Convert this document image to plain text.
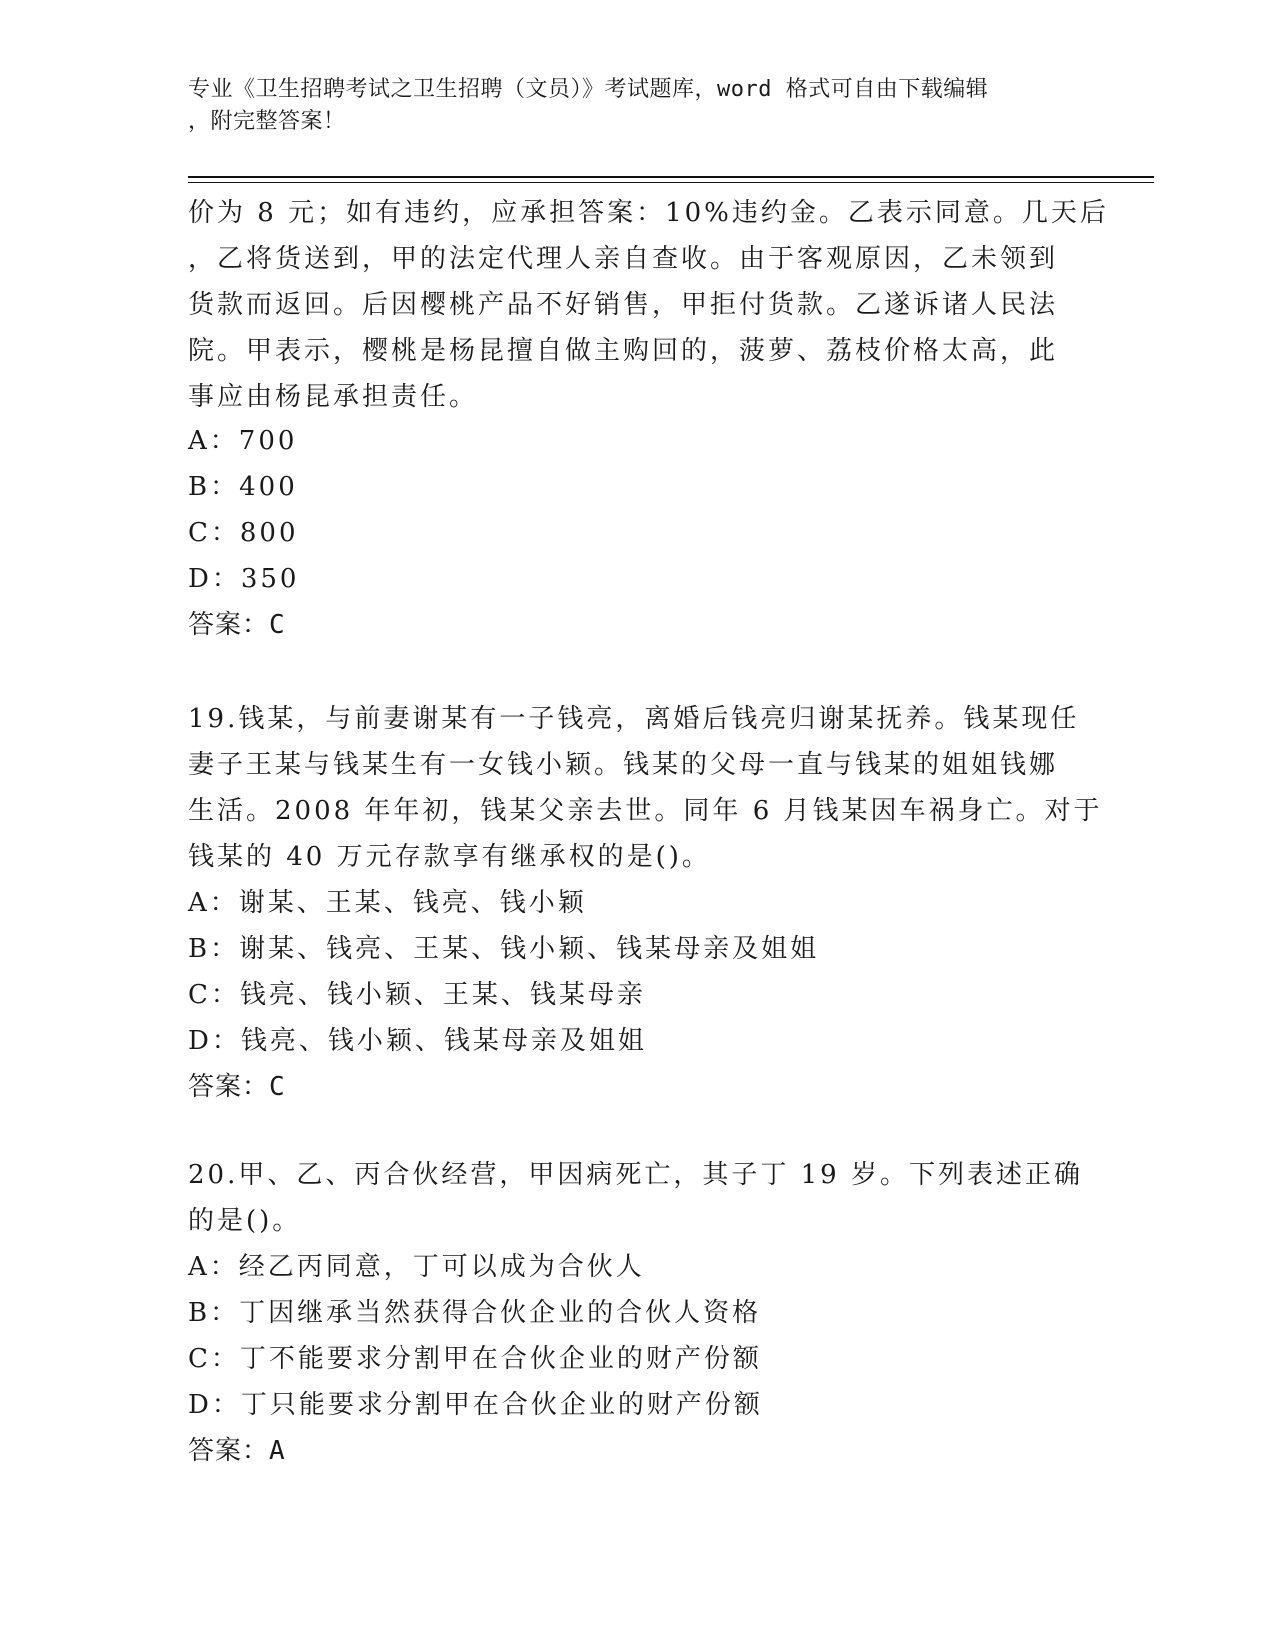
专业《卫生招聘考试之卫生招聘（文员）》考试题库，word 格式可自由下载编辑
，附完整答案！
价为 8 元；如有违约，应承担答案：10%违约金。乙表示同意。几天后
，乙将货送到，甲的法定代理人亲自查收。由于客观原因，乙未领到
货款而返回。后因樱桃产品不好销售，甲拒付货款。乙遂诉诸人民法
院。甲表示，樱桃是杨昆擅自做主购回的，菠萝、荔枝价格太高，此
事应由杨昆承担责任。
A：700
B：400
C：800
D：350
答案：C
19.钱某，与前妻谢某有一子钱亮，离婚后钱亮归谢某抚养。钱某现任
妻子王某与钱某生有一女钱小颖。钱某的父母一直与钱某的姐姐钱娜
生活。2008 年年初，钱某父亲去世。同年 6 月钱某因车祸身亡。对于
钱某的 40 万元存款享有继承权的是()。
A：谢某、王某、钱亮、钱小颖
B：谢某、钱亮、王某、钱小颖、钱某母亲及姐姐
C：钱亮、钱小颖、王某、钱某母亲
D：钱亮、钱小颖、钱某母亲及姐姐
答案：C
20.甲、乙、丙合伙经营，甲因病死亡，其子丁 19 岁。下列表述正确
的是()。
A：经乙丙同意，丁可以成为合伙人
B：丁因继承当然获得合伙企业的合伙人资格
C：丁不能要求分割甲在合伙企业的财产份额
D：丁只能要求分割甲在合伙企业的财产份额
答案：A
